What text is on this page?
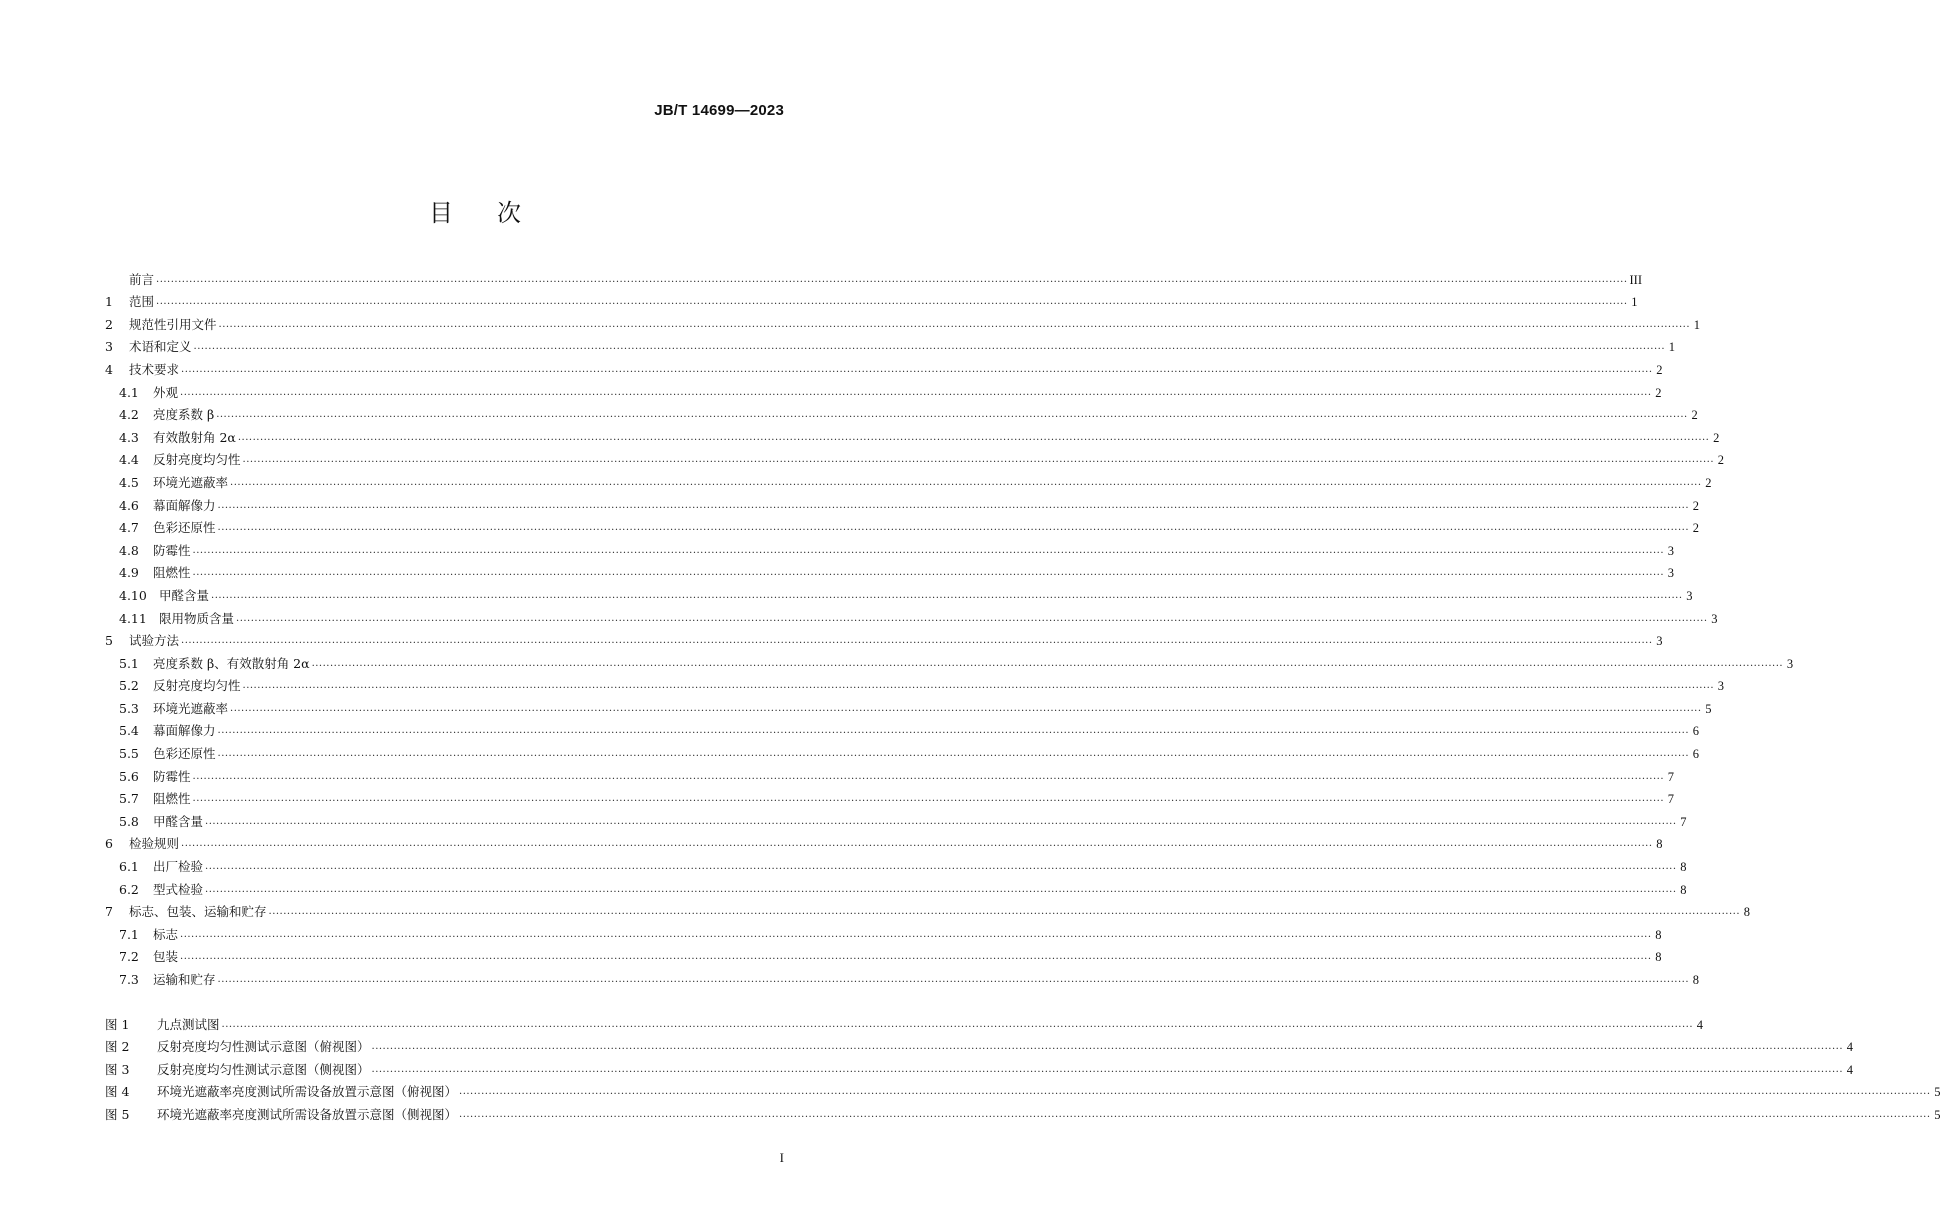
JB/T 14699—2023
目 次
前言 ................................................................................................................................................................................................................................................................................................................................................................................................................ III
1	范围 ................................................................................................................................................................................................................................................................................................................................................................................................................ 1
2	规范性引用文件 ................................................................................................................................................................................................................................................................................................................................................................................................................ 1
3	术语和定义 ................................................................................................................................................................................................................................................................................................................................................................................................................ 1
4	技术要求 ................................................................................................................................................................................................................................................................................................................................................................................................................ 2
4.1	外观 ................................................................................................................................................................................................................................................................................................................................................................................................................ 2
4.2	亮度系数 β ................................................................................................................................................................................................................................................................................................................................................................................................................ 2
4.3	有效散射角 2α ................................................................................................................................................................................................................................................................................................................................................................................................................ 2
4.4	反射亮度均匀性 ................................................................................................................................................................................................................................................................................................................................................................................................................ 2
4.5	环境光遮蔽率 ................................................................................................................................................................................................................................................................................................................................................................................................................ 2
4.6	幕面解像力 ................................................................................................................................................................................................................................................................................................................................................................................................................ 2
4.7	色彩还原性 ................................................................................................................................................................................................................................................................................................................................................................................................................ 2
4.8	防霉性 ................................................................................................................................................................................................................................................................................................................................................................................................................ 3
4.9	阻燃性 ................................................................................................................................................................................................................................................................................................................................................................................................................ 3
4.10 甲醛含量 ................................................................................................................................................................................................................................................................................................................................................................................................................ 3
4.11 限用物质含量 ................................................................................................................................................................................................................................................................................................................................................................................................................ 3
5	试验方法 ................................................................................................................................................................................................................................................................................................................................................................................................................ 3
5.1	亮度系数 β、有效散射角 2α ................................................................................................................................................................................................................................................................................................................................................................................................................ 3
5.2	反射亮度均匀性 ................................................................................................................................................................................................................................................................................................................................................................................................................ 3
5.3	环境光遮蔽率 ................................................................................................................................................................................................................................................................................................................................................................................................................ 5
5.4	幕面解像力 ................................................................................................................................................................................................................................................................................................................................................................................................................ 6
5.5	色彩还原性 ................................................................................................................................................................................................................................................................................................................................................................................................................ 6
5.6	防霉性 ................................................................................................................................................................................................................................................................................................................................................................................................................ 7
5.7	阻燃性 ................................................................................................................................................................................................................................................................................................................................................................................................................ 7
5.8	甲醛含量 ................................................................................................................................................................................................................................................................................................................................................................................................................ 7
6	检验规则 ................................................................................................................................................................................................................................................................................................................................................................................................................ 8
6.1	出厂检验 ................................................................................................................................................................................................................................................................................................................................................................................................................ 8
6.2	型式检验 ................................................................................................................................................................................................................................................................................................................................................................................................................ 8
7	标志、包装、运输和贮存 ................................................................................................................................................................................................................................................................................................................................................................................................................ 8
7.1	标志 ................................................................................................................................................................................................................................................................................................................................................................................................................ 8
7.2	包装 ................................................................................................................................................................................................................................................................................................................................................................................................................ 8
7.3	运输和贮存 ................................................................................................................................................................................................................................................................................................................................................................................................................ 8
图 1	九点测试图 ................................................................................................................................................................................................................................................................................................................................................................................................................ 4
图 2	反射亮度均匀性测试示意图（俯视图） ................................................................................................................................................................................................................................................................................................................................................................................................................ 4
图 3	反射亮度均匀性测试示意图（侧视图） ................................................................................................................................................................................................................................................................................................................................................................................................................ 4
图 4	环境光遮蔽率亮度测试所需设备放置示意图（俯视图） ................................................................................................................................................................................................................................................................................................................................................................................................................ 5
图 5	环境光遮蔽率亮度测试所需设备放置示意图（侧视图） ................................................................................................................................................................................................................................................................................................................................................................................................................ 5
I
